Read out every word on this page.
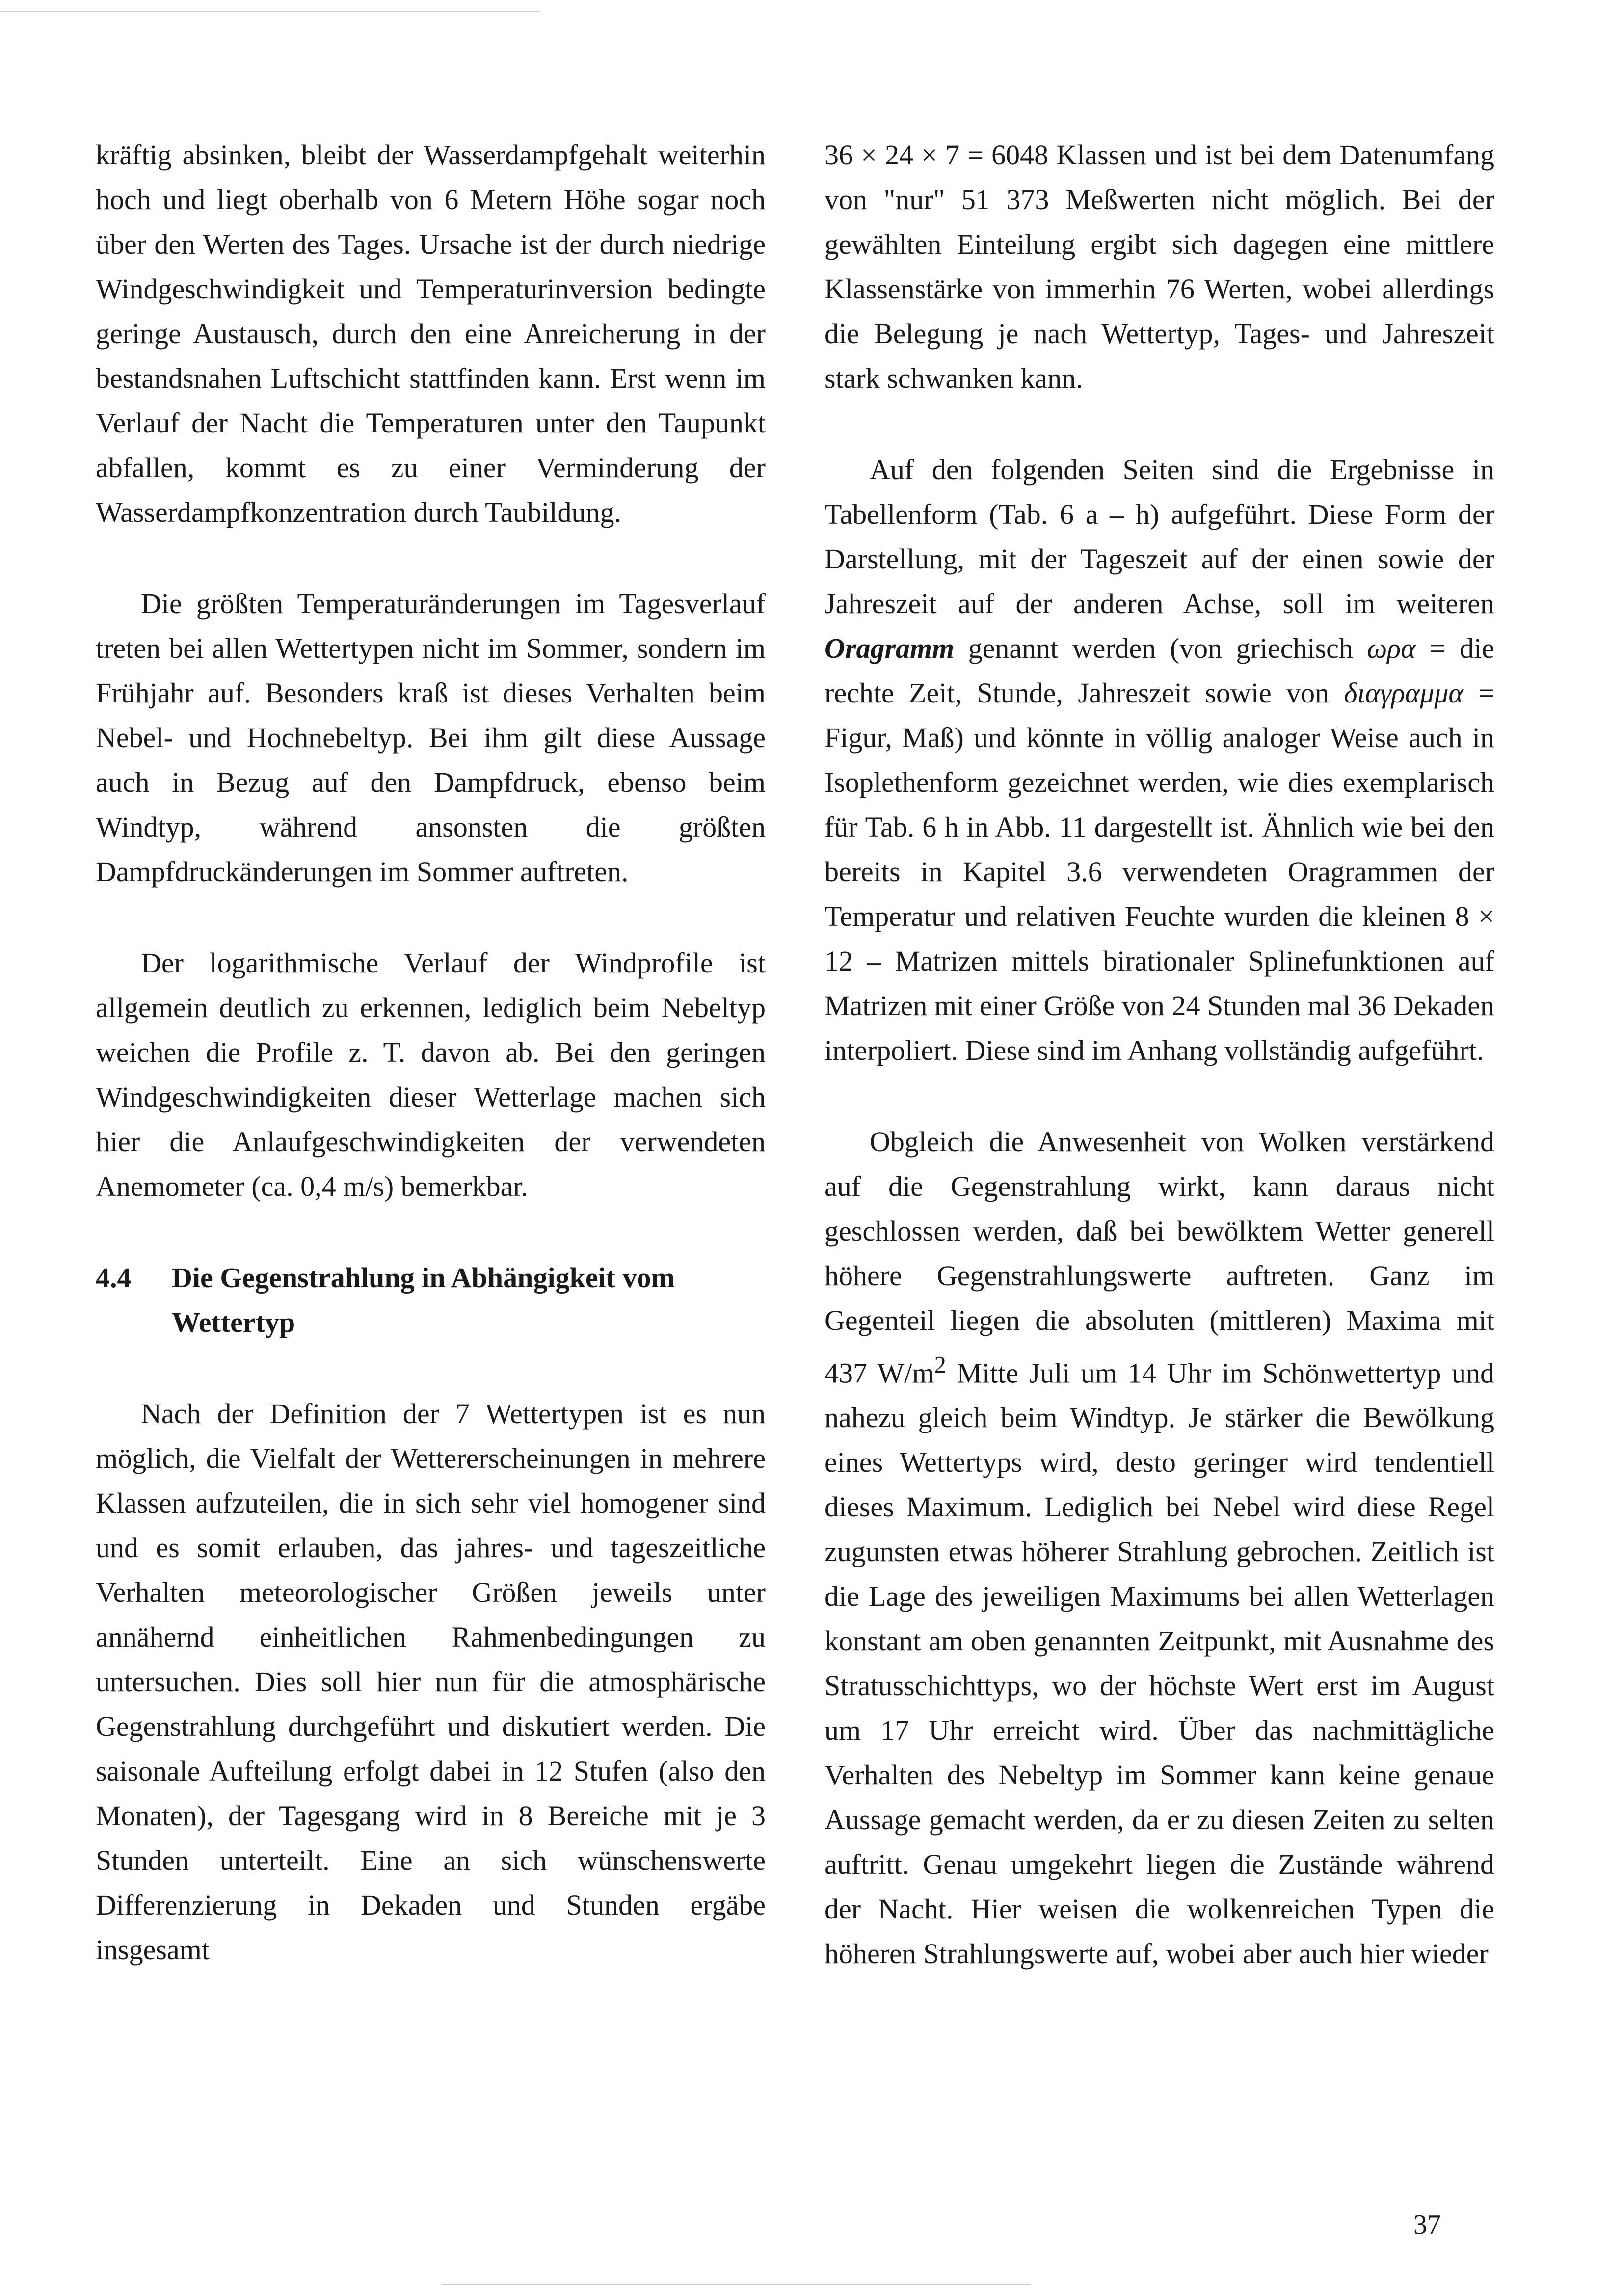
kräftig absinken, bleibt der Wasserdampfgehalt weiterhin hoch und liegt oberhalb von 6 Metern Höhe sogar noch über den Werten des Tages. Ursache ist der durch niedrige Windgeschwindigkeit und Temperaturinversion bedingte geringe Austausch, durch den eine Anreicherung in der bestandsnahen Luftschicht stattfinden kann. Erst wenn im Verlauf der Nacht die Temperaturen unter den Taupunkt abfallen, kommt es zu einer Verminderung der Wasserdampfkonzentration durch Taubildung.

Die größten Temperaturänderungen im Tagesverlauf treten bei allen Wettertypen nicht im Sommer, sondern im Frühjahr auf. Besonders kraß ist dieses Verhalten beim Nebel- und Hochnebeltyp. Bei ihm gilt diese Aussage auch in Bezug auf den Dampfdruck, ebenso beim Windtyp, während ansonsten die größten Dampfdruckänderungen im Sommer auftreten.

Der logarithmische Verlauf der Windprofile ist allgemein deutlich zu erkennen, lediglich beim Nebeltyp weichen die Profile z. T. davon ab. Bei den geringen Windgeschwindigkeiten dieser Wetterlage machen sich hier die Anlaufgeschwindigkeiten der verwendeten Anemometer (ca. 0,4 m/s) bemerkbar.

4.4	Die Gegenstrahlung in Abhängigkeit vom Wettertyp

Nach der Definition der 7 Wettertypen ist es nun möglich, die Vielfalt der Wettererscheinungen in mehrere Klassen aufzuteilen, die in sich sehr viel homogener sind und es somit erlauben, das jahres- und tageszeitliche Verhalten meteorologischer Größen jeweils unter annähernd einheitlichen Rahmenbedingungen zu untersuchen. Dies soll hier nun für die atmosphärische Gegenstrahlung durchgeführt und diskutiert werden. Die saisonale Aufteilung erfolgt dabei in 12 Stufen (also den Monaten), der Tagesgang wird in 8 Bereiche mit je 3 Stunden unterteilt. Eine an sich wünschenswerte Differenzierung in Dekaden und Stunden ergäbe insgesamt

36 × 24 × 7 = 6048 Klassen und ist bei dem Datenumfang von "nur" 51 373 Meßwerten nicht möglich. Bei der gewählten Einteilung ergibt sich dagegen eine mittlere Klassenstärke von immerhin 76 Werten, wobei allerdings die Belegung je nach Wettertyp, Tages- und Jahreszeit stark schwanken kann.

Auf den folgenden Seiten sind die Ergebnisse in Tabellenform (Tab. 6 a – h) aufgeführt. Diese Form der Darstellung, mit der Tageszeit auf der einen sowie der Jahreszeit auf der anderen Achse, soll im weiteren Oragramm genannt werden (von griechisch ωρα = die rechte Zeit, Stunde, Jahreszeit sowie von διαγραμμα = Figur, Maß) und könnte in völlig analoger Weise auch in Isoplethenform gezeichnet werden, wie dies exemplarisch für Tab. 6 h in Abb. 11 dargestellt ist. Ähnlich wie bei den bereits in Kapitel 3.6 verwendeten Oragrammen der Temperatur und relativen Feuchte wurden die kleinen 8 × 12 – Matrizen mittels birationaler Splinefunktionen auf Matrizen mit einer Größe von 24 Stunden mal 36 Dekaden interpoliert. Diese sind im Anhang vollständig aufgeführt.

Obgleich die Anwesenheit von Wolken verstärkend auf die Gegenstrahlung wirkt, kann daraus nicht geschlossen werden, daß bei bewölktem Wetter generell höhere Gegenstrahlungswerte auftreten. Ganz im Gegenteil liegen die absoluten (mittleren) Maxima mit 437 $W/m^2$ Mitte Juli um 14 Uhr im Schönwettertyp und nahezu gleich beim Windtyp. Je stärker die Bewölkung eines Wettertyps wird, desto geringer wird tendentiell dieses Maximum. Lediglich bei Nebel wird diese Regel zugunsten etwas höherer Strahlung gebrochen. Zeitlich ist die Lage des jeweiligen Maximums bei allen Wetterlagen konstant am oben genannten Zeitpunkt, mit Ausnahme des Stratusschichttyps, wo der höchste Wert erst im August um 17 Uhr erreicht wird. Über das nachmittägliche Verhalten des Nebeltyp im Sommer kann keine genaue Aussage gemacht werden, da er zu diesen Zeiten zu selten auftritt. Genau umgekehrt liegen die Zustände während der Nacht. Hier weisen die wolkenreichen Typen die höheren Strahlungswerte auf, wobei aber auch hier wieder

37
